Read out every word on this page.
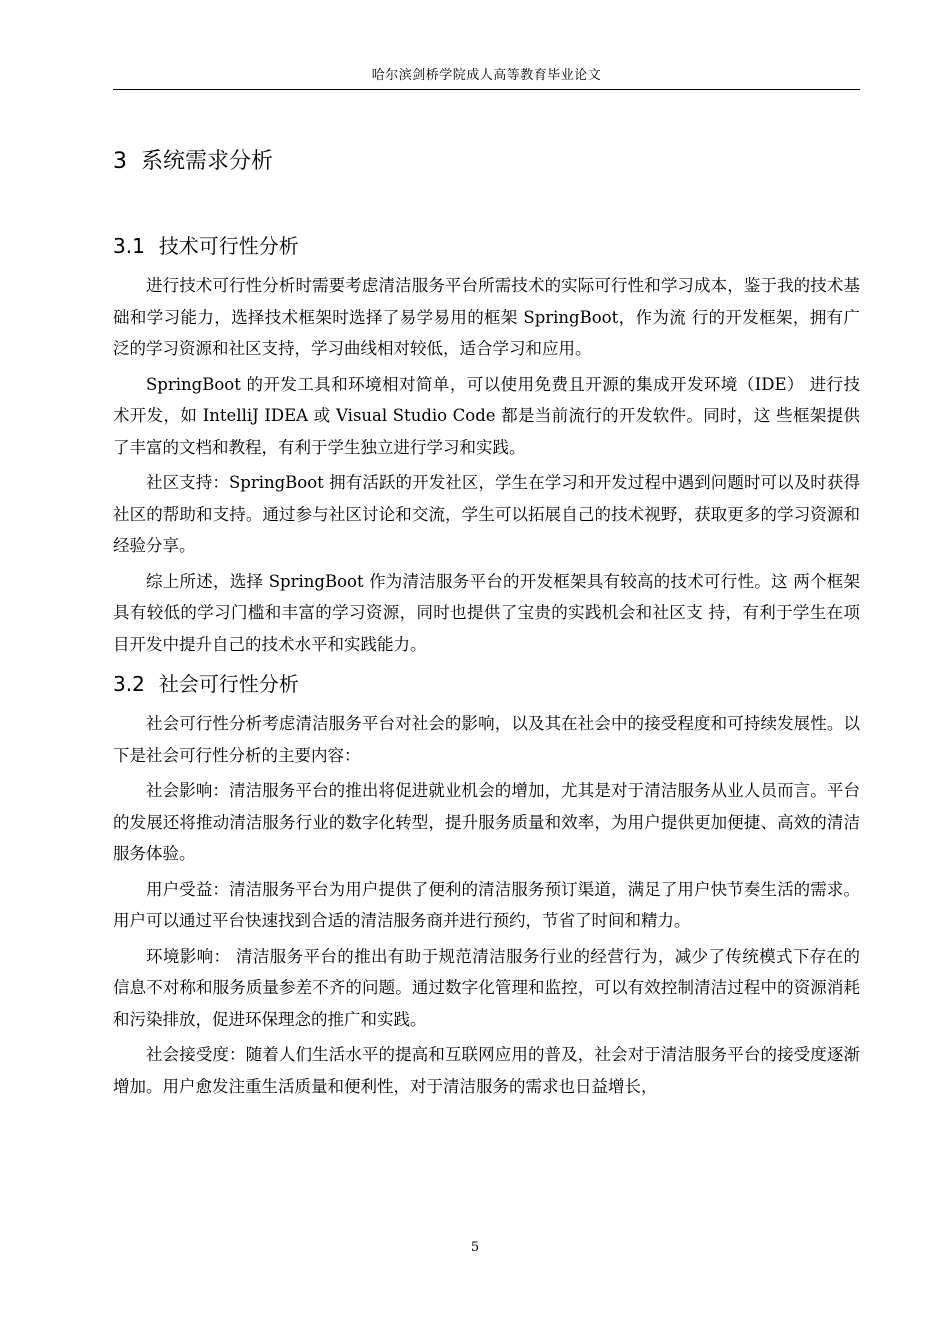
哈尔滨剑桥学院成人高等教育毕业论文
3 系统需求分析
3.1 技术可行性分析

进行技术可行性分析时需要考虑清洁服务平台所需技术的实际可行性和学习成本，鉴于我的技术基础和学习能力，选择技术框架时选择了易学易用的框架 SpringBoot，作为流 行的开发框架，拥有广泛的学习资源和社区支持，学习曲线相对较低，适合学习和应用。

SpringBoot 的开发工具和环境相对简单，可以使用免费且开源的集成开发环境（IDE） 进行技术开发，如 IntelliJ IDEA 或 Visual Studio Code 都是当前流行的开发软件。同时，这 些框架提供了丰富的文档和教程，有利于学生独立进行学习和实践。

社区支持：SpringBoot 拥有活跃的开发社区，学生在学习和开发过程中遇到问题时可以及时获得社区的帮助和支持。通过参与社区讨论和交流，学生可以拓展自己的技术视野，获取更多的学习资源和经验分享。

综上所述，选择 SpringBoot 作为清洁服务平台的开发框架具有较高的技术可行性。这 两个框架具有较低的学习门槛和丰富的学习资源，同时也提供了宝贵的实践机会和社区支 持，有利于学生在项目开发中提升自己的技术水平和实践能力。

3.2 社会可行性分析

社会可行性分析考虑清洁服务平台对社会的影响，以及其在社会中的接受程度和可持续发展性。以下是社会可行性分析的主要内容：

社会影响：清洁服务平台的推出将促进就业机会的增加，尤其是对于清洁服务从业人员而言。平台的发展还将推动清洁服务行业的数字化转型，提升服务质量和效率，为用户提供更加便捷、高效的清洁服务体验。

用户受益：清洁服务平台为用户提供了便利的清洁服务预订渠道，满足了用户快节奏生活的需求。用户可以通过平台快速找到合适的清洁服务商并进行预约，节省了时间和精力。

环境影响： 清洁服务平台的推出有助于规范清洁服务行业的经营行为，减少了传统模式下存在的信息不对称和服务质量参差不齐的问题。通过数字化管理和监控，可以有效控制清洁过程中的资源消耗和污染排放，促进环保理念的推广和实践。

社会接受度：随着人们生活水平的提高和互联网应用的普及，社会对于清洁服务平台的接受度逐渐增加。用户愈发注重生活质量和便利性，对于清洁服务的需求也日益增长，

5
